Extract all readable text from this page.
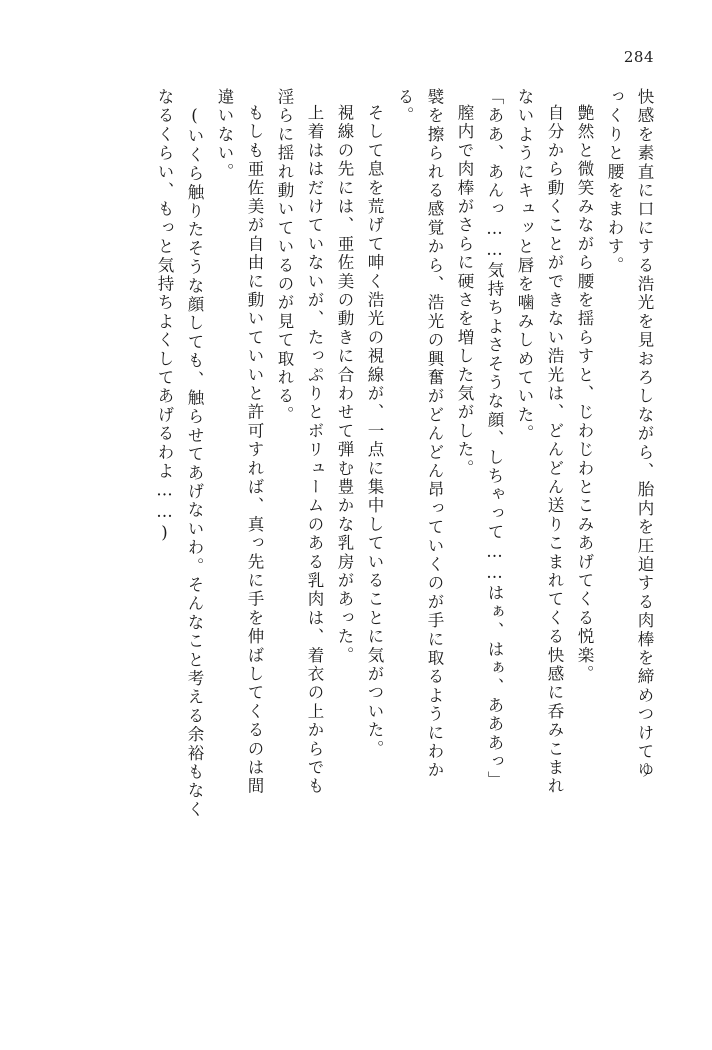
284
快感を素直に口にする浩光を見おろしながら、胎内を圧迫する肉棒を締めつけてゆ
っくりと腰をまわす。
艶然と微笑みながら腰を揺らすと、じわじわとこみあげてくる悦楽。
自分から動くことができない浩光は、どんどん送りこまれてくる快感に呑みこまれ
ないようにキュッと唇を噛みしめていた。
「ああ、あんっ……気持ちよさそうな顔、しちゃって……はぁ、はぁ、あああっ」
膣内で肉棒がさらに硬さを増した気がした。
襞を擦られる感覚から、浩光の興奮がどんどん昂っていくのが手に取るようにわか
る。
そして息を荒げて呻く浩光の視線が、一点に集中していることに気がついた。
視線の先には、亜佐美の動きに合わせて弾む豊かな乳房があった。
上着ははだけていないが、たっぷりとボリュームのある乳肉は、着衣の上からでも
淫らに揺れ動いているのが見て取れる。
もしも亜佐美が自由に動いていいと許可すれば、真っ先に手を伸ばしてくるのは間
違いない。
(いくら触りたそうな顔しても、触らせてあげないわ。そんなこと考える余裕もなく
なるくらい、もっと気持ちよくしてあげるわよ……)
